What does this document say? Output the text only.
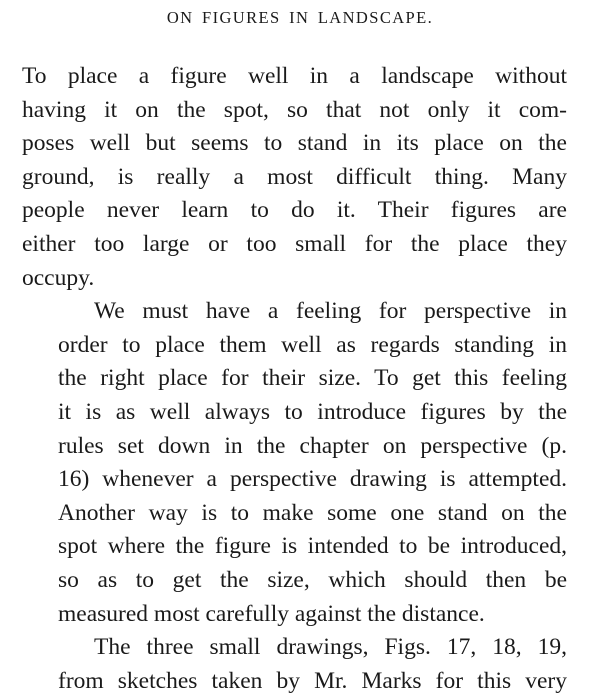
ON FIGURES IN LANDSCAPE.
To place a figure well in a landscape without
having it on the spot, so that not only it com-
poses well but seems to stand in its place on the
ground, is really a most difficult thing. Many
people never learn to do it. Their figures are
either too large or too small for the place they
occupy.
We must have a feeling for perspective in
order to place them well as regards standing in
the right place for their size. To get this feeling
it is as well always to introduce figures by the
rules set down in the chapter on perspective (p.
16) whenever a perspective drawing is attempted.
Another way is to make some one stand on the
spot where the figure is intended to be introduced,
so as to get the size, which should then be
measured most carefully against the distance.
The three small drawings, Figs. 17, 18, 19,
from sketches taken by Mr. Marks for this very
